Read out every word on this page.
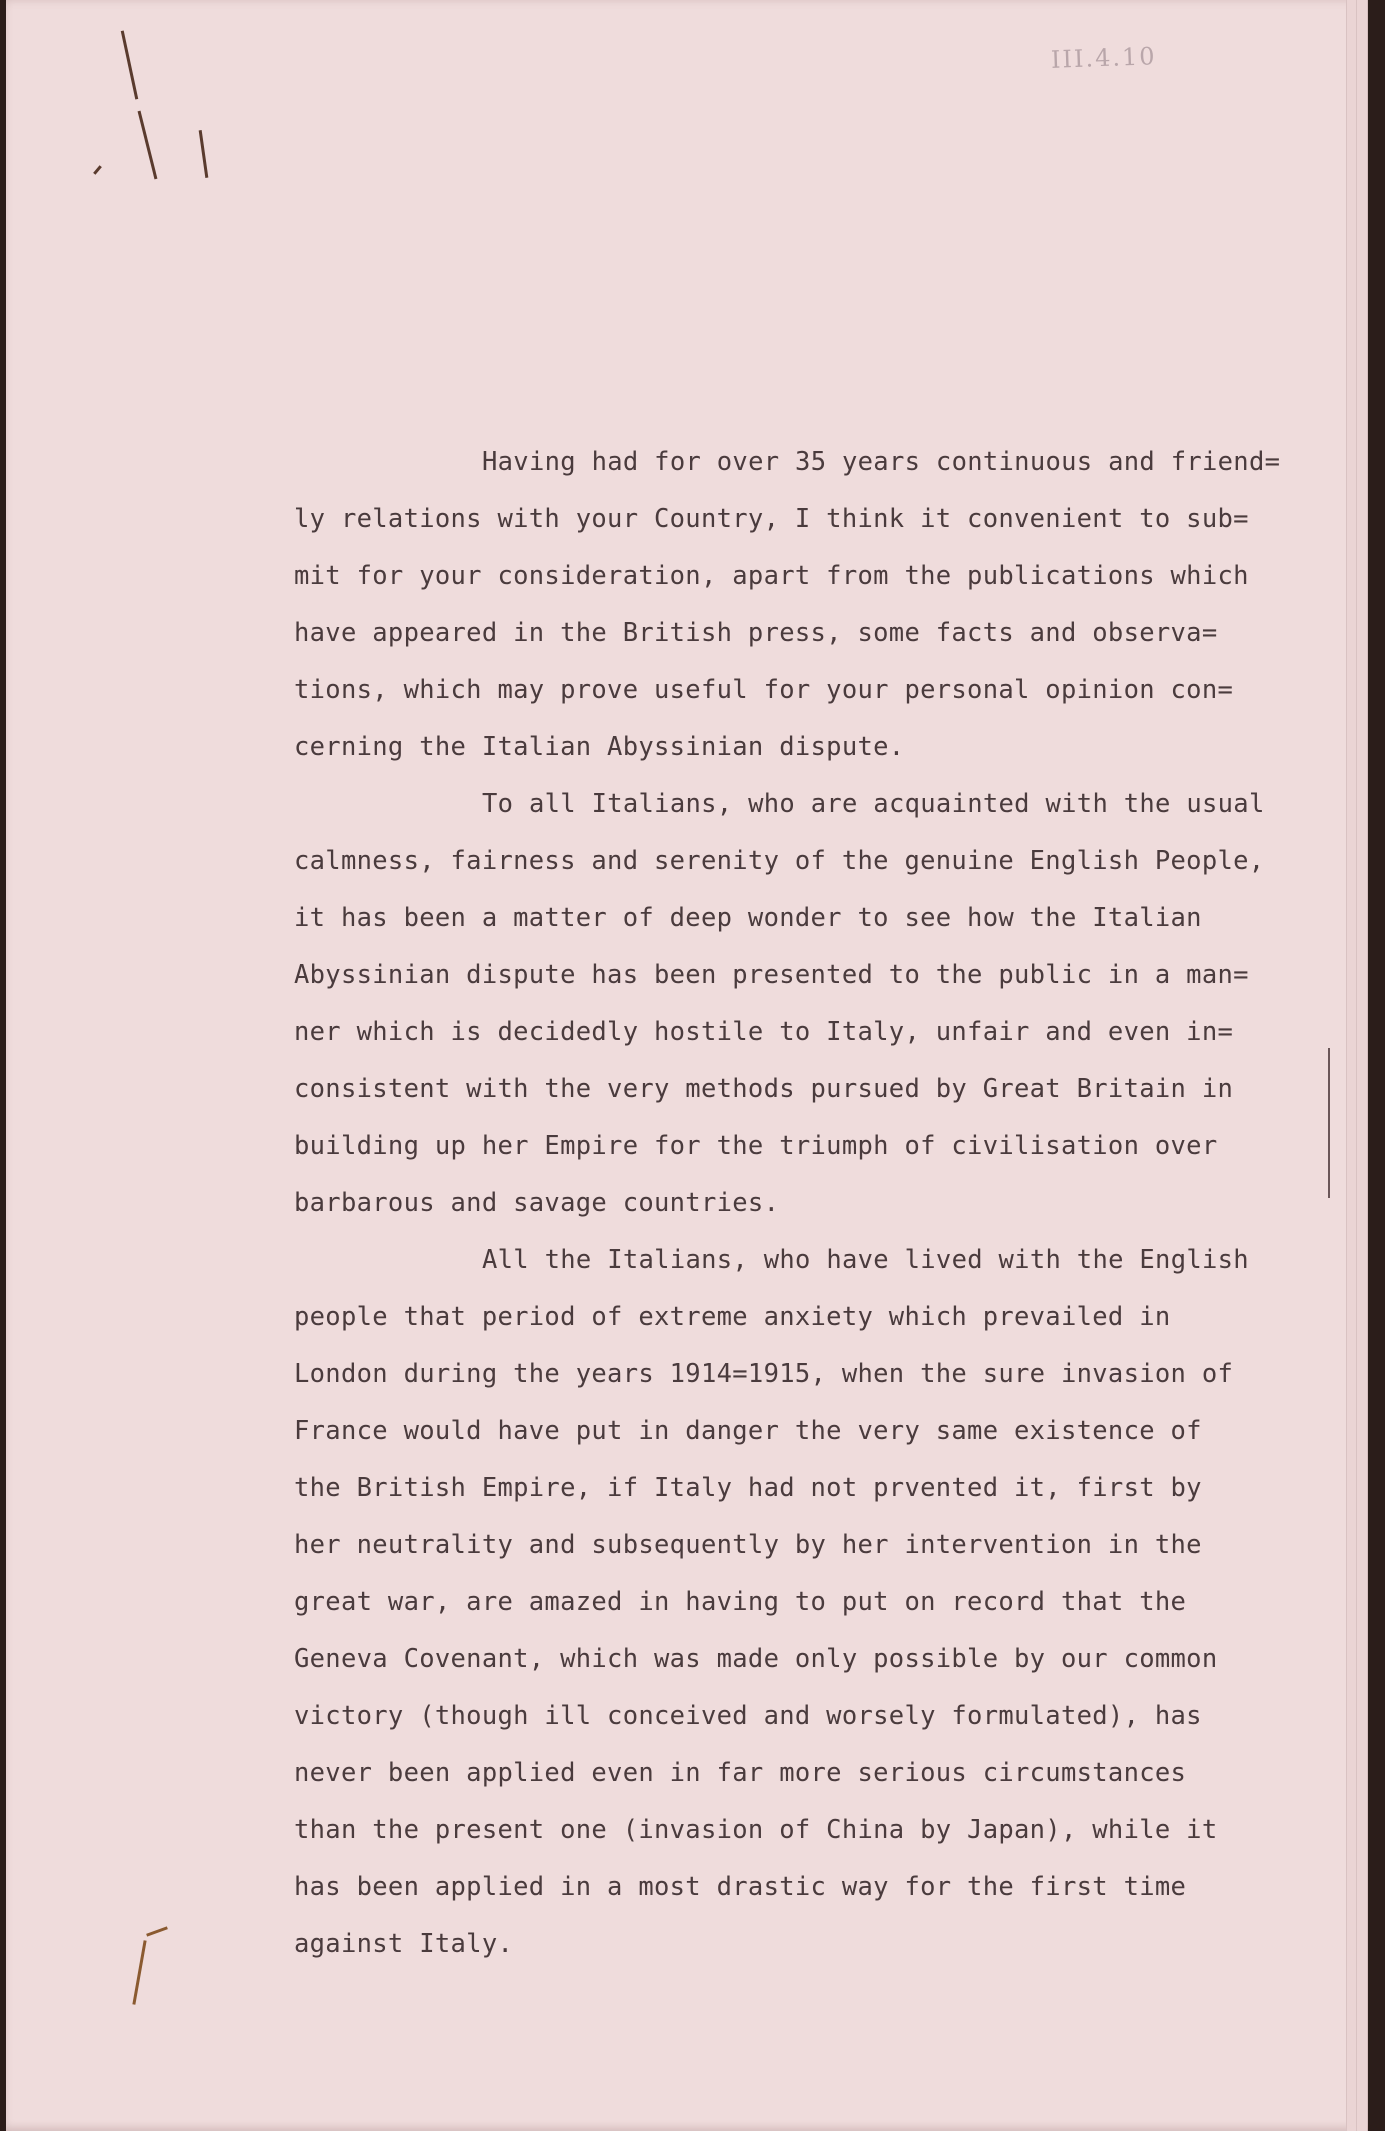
III.4.10
Having had for over 35 years continuous and friend=
ly relations with your Country, I think it convenient to sub=
mit for your consideration, apart from the publications which
have appeared in the British press, some facts and observa=
tions, which may prove useful for your personal opinion con=
cerning the Italian Abyssinian dispute.
To all Italians, who are acquainted with the usual
calmness, fairness and serenity of the genuine English People,
it has been a matter of deep wonder to see how the Italian
Abyssinian dispute has been presented to the public in a man=
ner which is decidedly hostile to Italy, unfair and even in=
consistent with the very methods pursued by Great Britain in
building up her Empire for the triumph of civilisation over
barbarous and savage countries.
All the Italians, who have lived with the English
people that period of extreme anxiety which prevailed in
London during the years 1914=1915, when the sure invasion of
France would have put in danger the very same existence of
the British Empire, if Italy had not prvented it, first by
her neutrality and subsequently by her intervention in the
great war, are amazed in having to put on record that the
Geneva Covenant, which was made only possible by our common
victory (though ill conceived and worsely formulated), has
never been applied even in far more serious circumstances
than the present one (invasion of China by Japan), while it
has been applied in a most drastic way for the first time
against Italy.
